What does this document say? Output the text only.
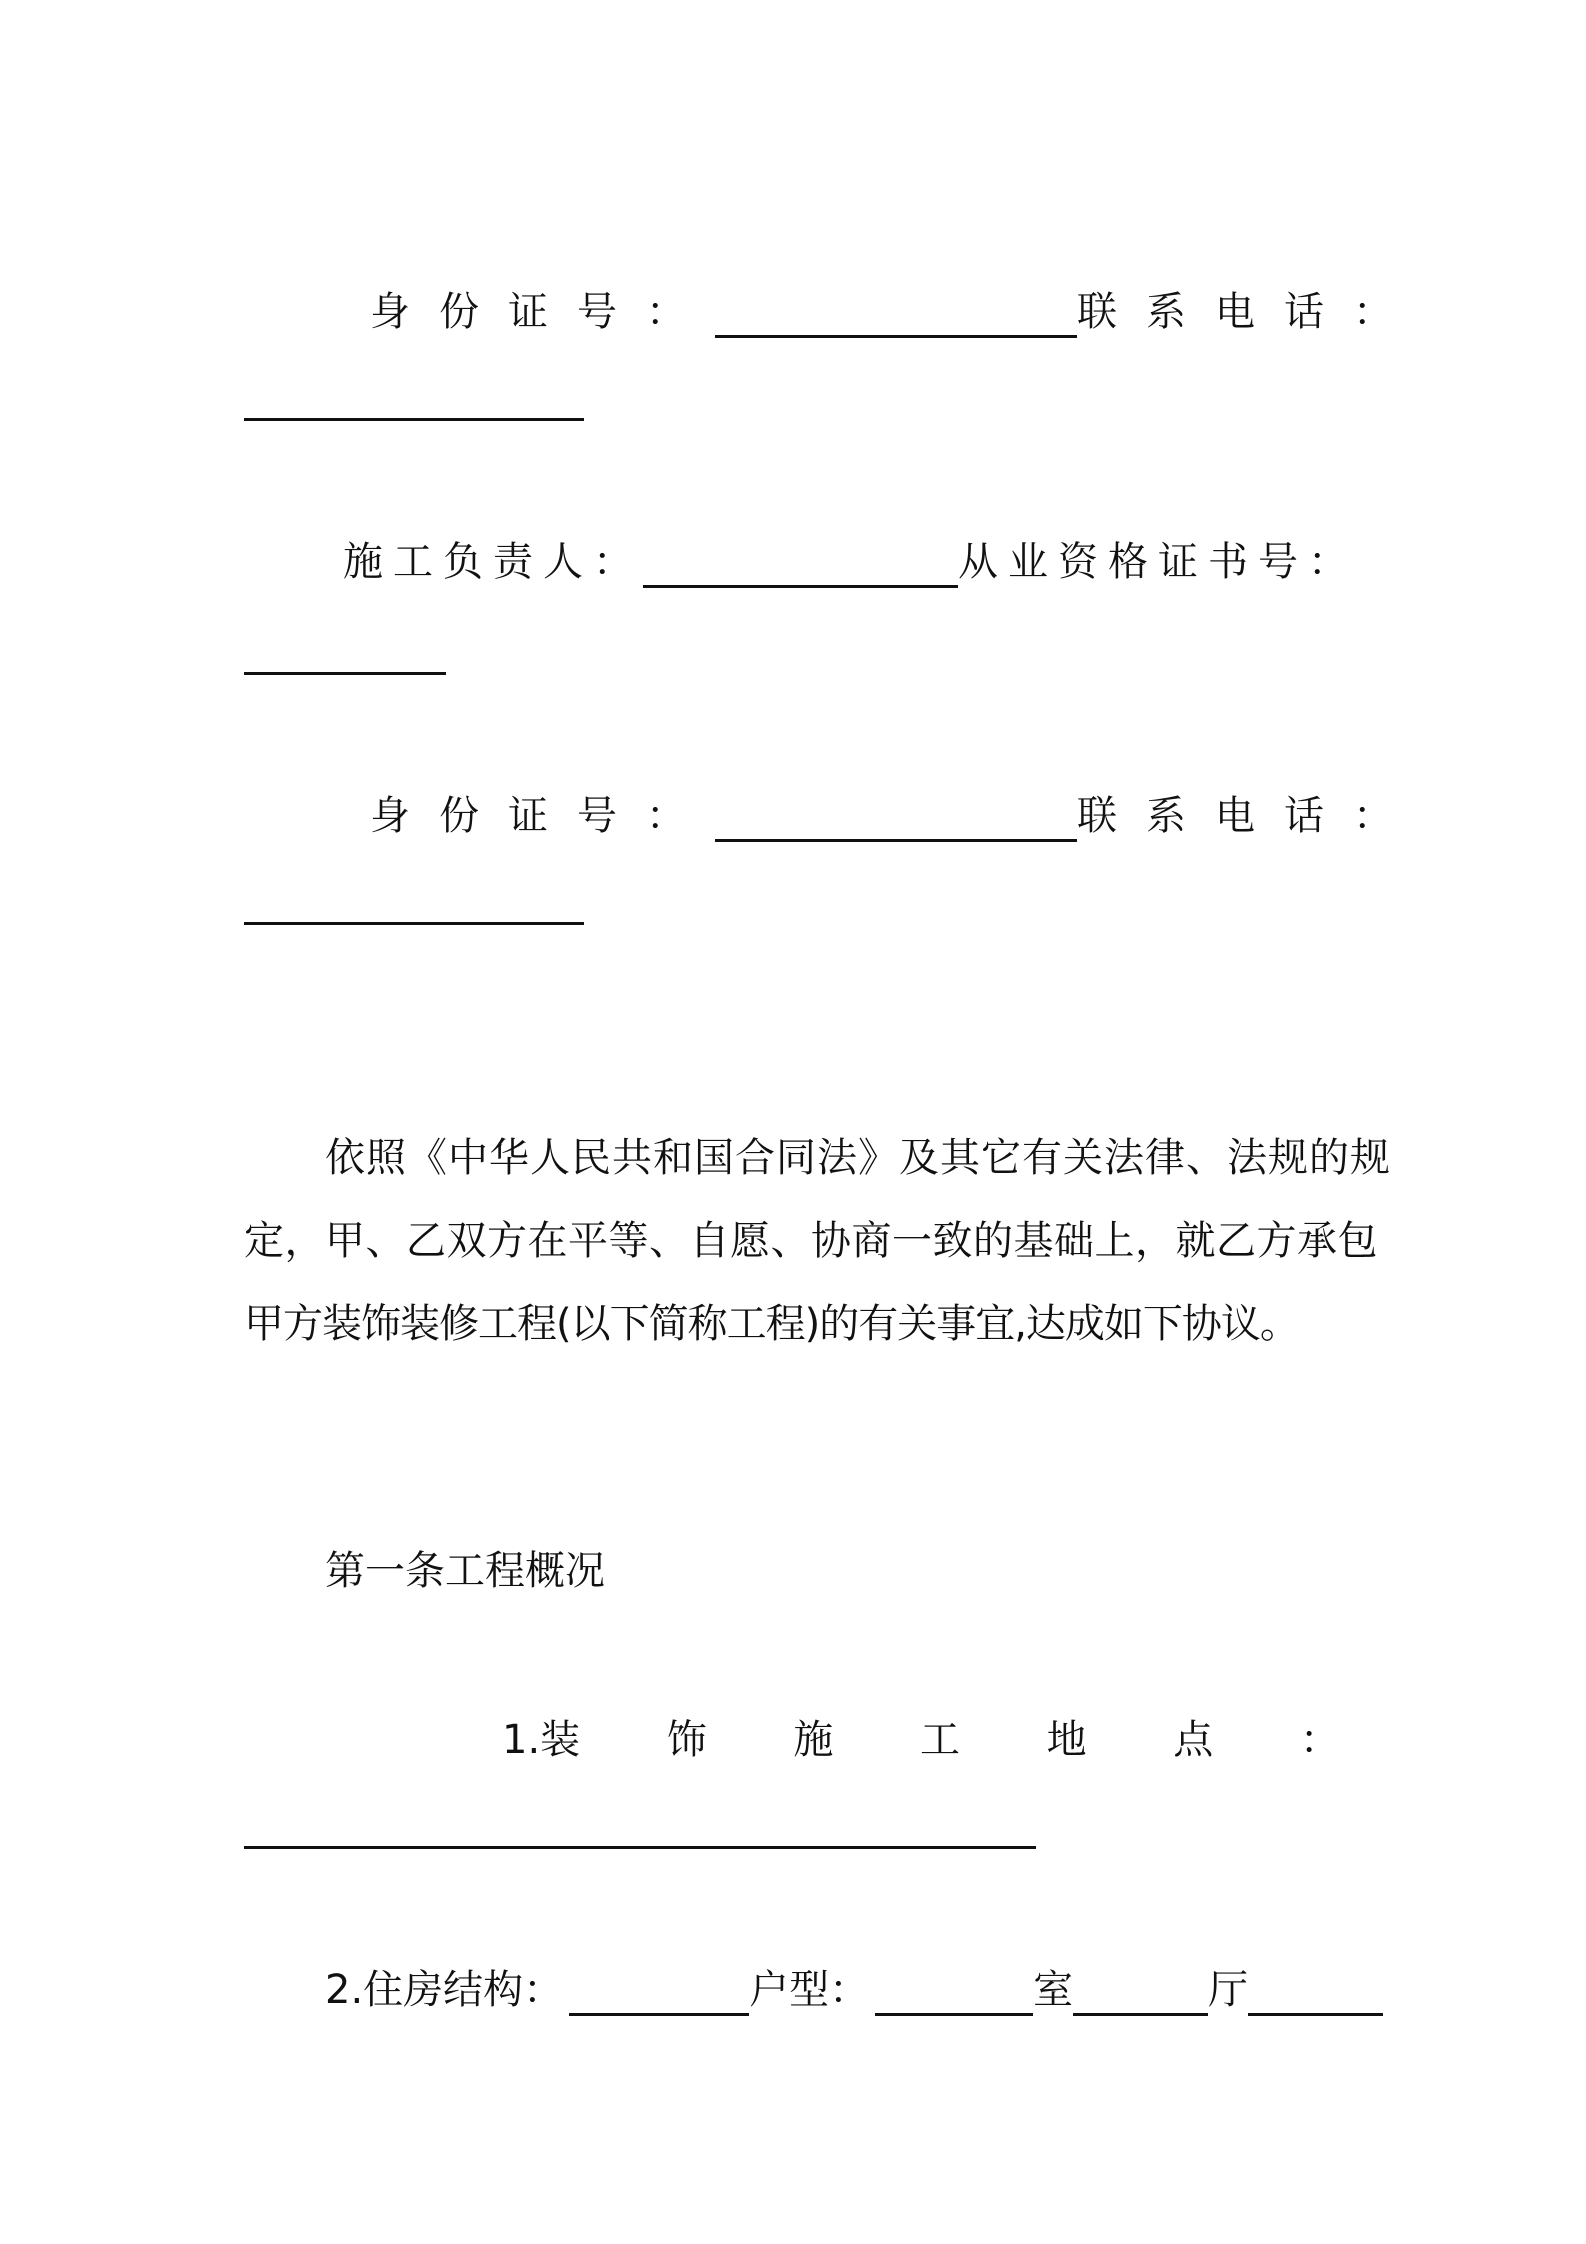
身份证号：	联系电话：
施工负责人：	从业资格证书号：
身份证号：	联系电话：

依照《中华人民共和国合同法》及其它有关法律、法规的规

定，甲、乙双方在平等、自愿、协商一致的基础上，就乙方承包

甲方装饰装修工程(以下简称工程)的有关事宜,达成如下协议。

第一条工程概况

1.装 饰 施 工 地 点 ：
2.住房结构：	户型：	室	厅
